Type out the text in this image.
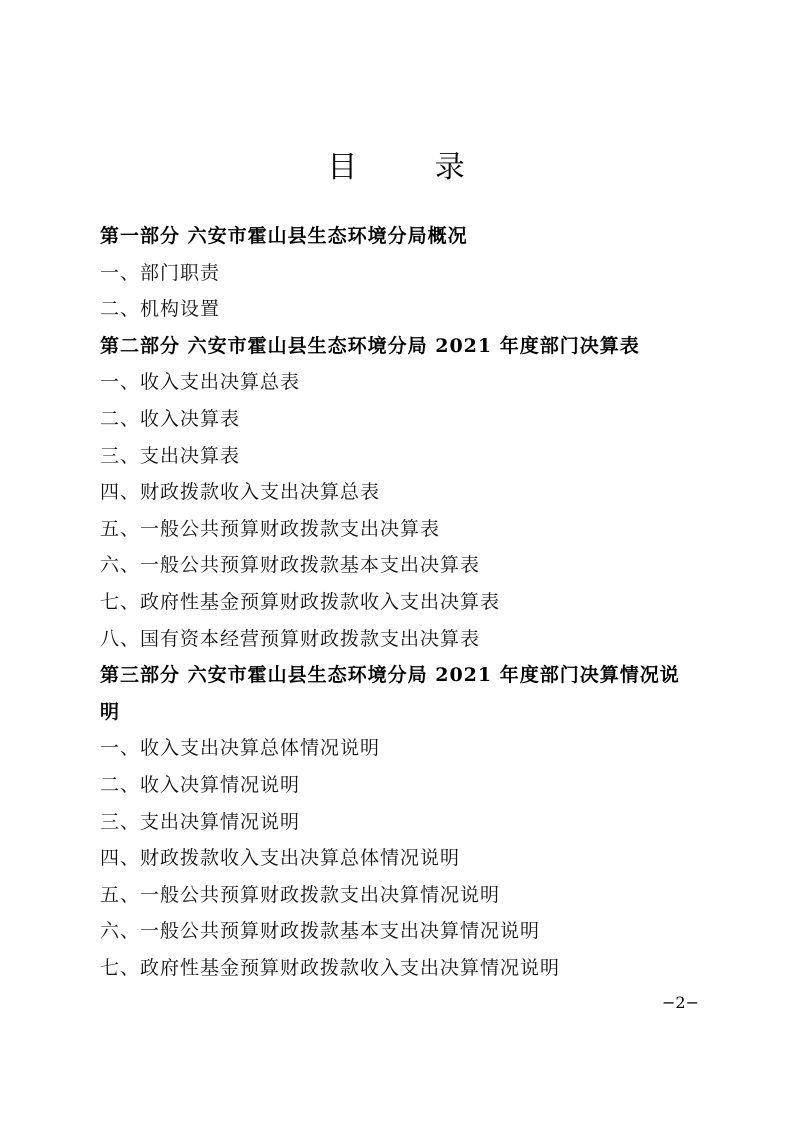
目 录
第一部分 六安市霍山县生态环境分局概况
一、部门职责
二、机构设置
第二部分 六安市霍山县生态环境分局 2021 年度部门决算表
一、收入支出决算总表
二、收入决算表
三、支出决算表
四、财政拨款收入支出决算总表
五、一般公共预算财政拨款支出决算表
六、一般公共预算财政拨款基本支出决算表
七、政府性基金预算财政拨款收入支出决算表
八、国有资本经营预算财政拨款支出决算表
第三部分 六安市霍山县生态环境分局 2021 年度部门决算情况说
明
一、收入支出决算总体情况说明
二、收入决算情况说明
三、支出决算情况说明
四、财政拨款收入支出决算总体情况说明
五、一般公共预算财政拨款支出决算情况说明
六、一般公共预算财政拨款基本支出决算情况说明
七、政府性基金预算财政拨款收入支出决算情况说明
−2−
